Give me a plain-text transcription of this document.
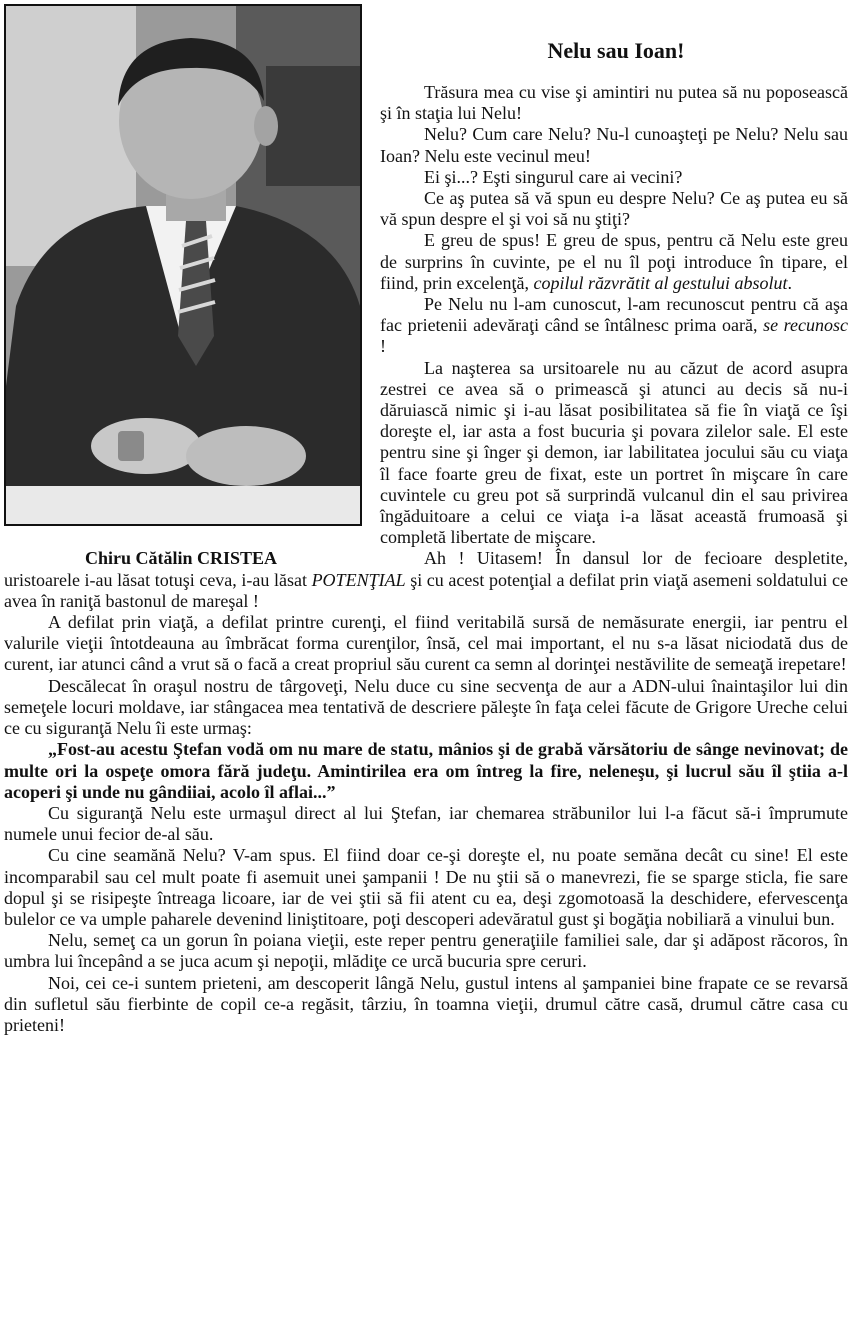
Chiru Cătălin CRISTEA
Nelu sau Ioan!

Trăsura mea cu vise şi amintiri nu putea să nu poposească şi în staţia lui Nelu!

Nelu? Cum care Nelu? Nu-l cunoaşteţi pe Nelu? Nelu sau Ioan? Nelu este vecinul meu!

Ei şi...? Eşti singurul care ai vecini?

Ce aş putea să vă spun eu despre Nelu? Ce aş putea eu să vă spun despre el şi voi să nu ştiţi?

E greu de spus! E greu de spus, pentru că Nelu este greu de surprins în cuvinte, pe el nu îl poţi introduce în tipare, el fiind, prin excelenţă, copilul răzvrătit al gestului absolut.

Pe Nelu nu l-am cunoscut, l-am recunoscut pentru că aşa fac prietenii adevăraţi când se întâlnesc prima oară, se recunosc !

La naşterea sa ursitoarele nu au căzut de acord asupra zestrei ce avea să o primească şi atunci au decis să nu-i dăruiască nimic şi i-au lăsat posibilitatea să fie în viaţă ce îşi doreşte el, iar asta a fost bucuria şi povara zilelor sale. El este pentru sine şi înger şi demon, iar labilitatea jocului său cu viaţa îl face foarte greu de fixat, este un portret în mişcare în care cuvintele cu greu pot să surprindă vulcanul din el sau privirea îngăduitoare a celui ce viaţa i-a lăsat această frumoasă şi completă libertate de mişcare.

Ah ! Uitasem! În dansul lor de fecioare despletite, uristoarele i-au lăsat totuşi ceva, i-au lăsat POTENŢIAL şi cu acest potenţial a defilat prin viaţă asemeni soldatului ce avea în raniţă bastonul de mareşal !

A defilat prin viaţă, a defilat printre curenţi, el fiind veritabilă sursă de nemăsurate energii, iar pentru el valurile vieţii întotdeauna au îmbrăcat forma curenţilor, însă, cel mai important, el nu s-a lăsat niciodată dus de curent, iar atunci când a vrut să o facă a creat propriul său curent ca semn al dorinţei nestăvilite de semeaţă irepetare!

Descălecat în oraşul nostru de târgoveţi, Nelu duce cu sine secvenţa de aur a ADN-ului înaintaşilor lui din semeţele locuri moldave, iar stângacea mea tentativă de descriere păleşte în faţa celei făcute de Grigore Ureche celui ce cu siguranţă Nelu îi este urmaş:

„Fost-au acestu Ştefan vodă om nu mare de statu, mânios şi de grabă vărsătoriu de sânge nevinovat; de multe ori la ospeţe omora fără judeţu. Amintirilea era om întreg la fire, neleneşu, şi lucrul său îl ştiia a-l acoperi şi unde nu gândiiai, acolo îl aflai...”

Cu siguranţă Nelu este urmaşul direct al lui Ştefan, iar chemarea străbunilor lui l-a făcut să-i împrumute numele unui fecior de-al său.

Cu cine seamănă Nelu? V-am spus. El fiind doar ce-şi doreşte el, nu poate semăna decât cu sine! El este incomparabil sau cel mult poate fi asemuit unei şampanii ! De nu ştii să o manevrezi, fie se sparge sticla, fie sare dopul şi se risipeşte întreaga licoare, iar de vei ştii să fii atent cu ea, deşi zgomotoasă la deschidere, efervescenţa bulelor ce va umple paharele devenind liniştitoare, poţi descoperi adevăratul gust şi bogăţia nobiliară a vinului bun.

Nelu, semeţ ca un gorun în poiana vieţii, este reper pentru generaţiile familiei sale, dar şi adăpost răcoros, în umbra lui începând a se juca acum şi nepoţii, mlădiţe ce urcă bucuria spre ceruri.

Noi, cei ce-i suntem prieteni, am descoperit lângă Nelu, gustul intens al şampaniei bine frapate ce se revarsă din sufletul său fierbinte de copil ce-a regăsit, târziu, în toamna vieţii, drumul către casă, drumul către casa cu prieteni!
